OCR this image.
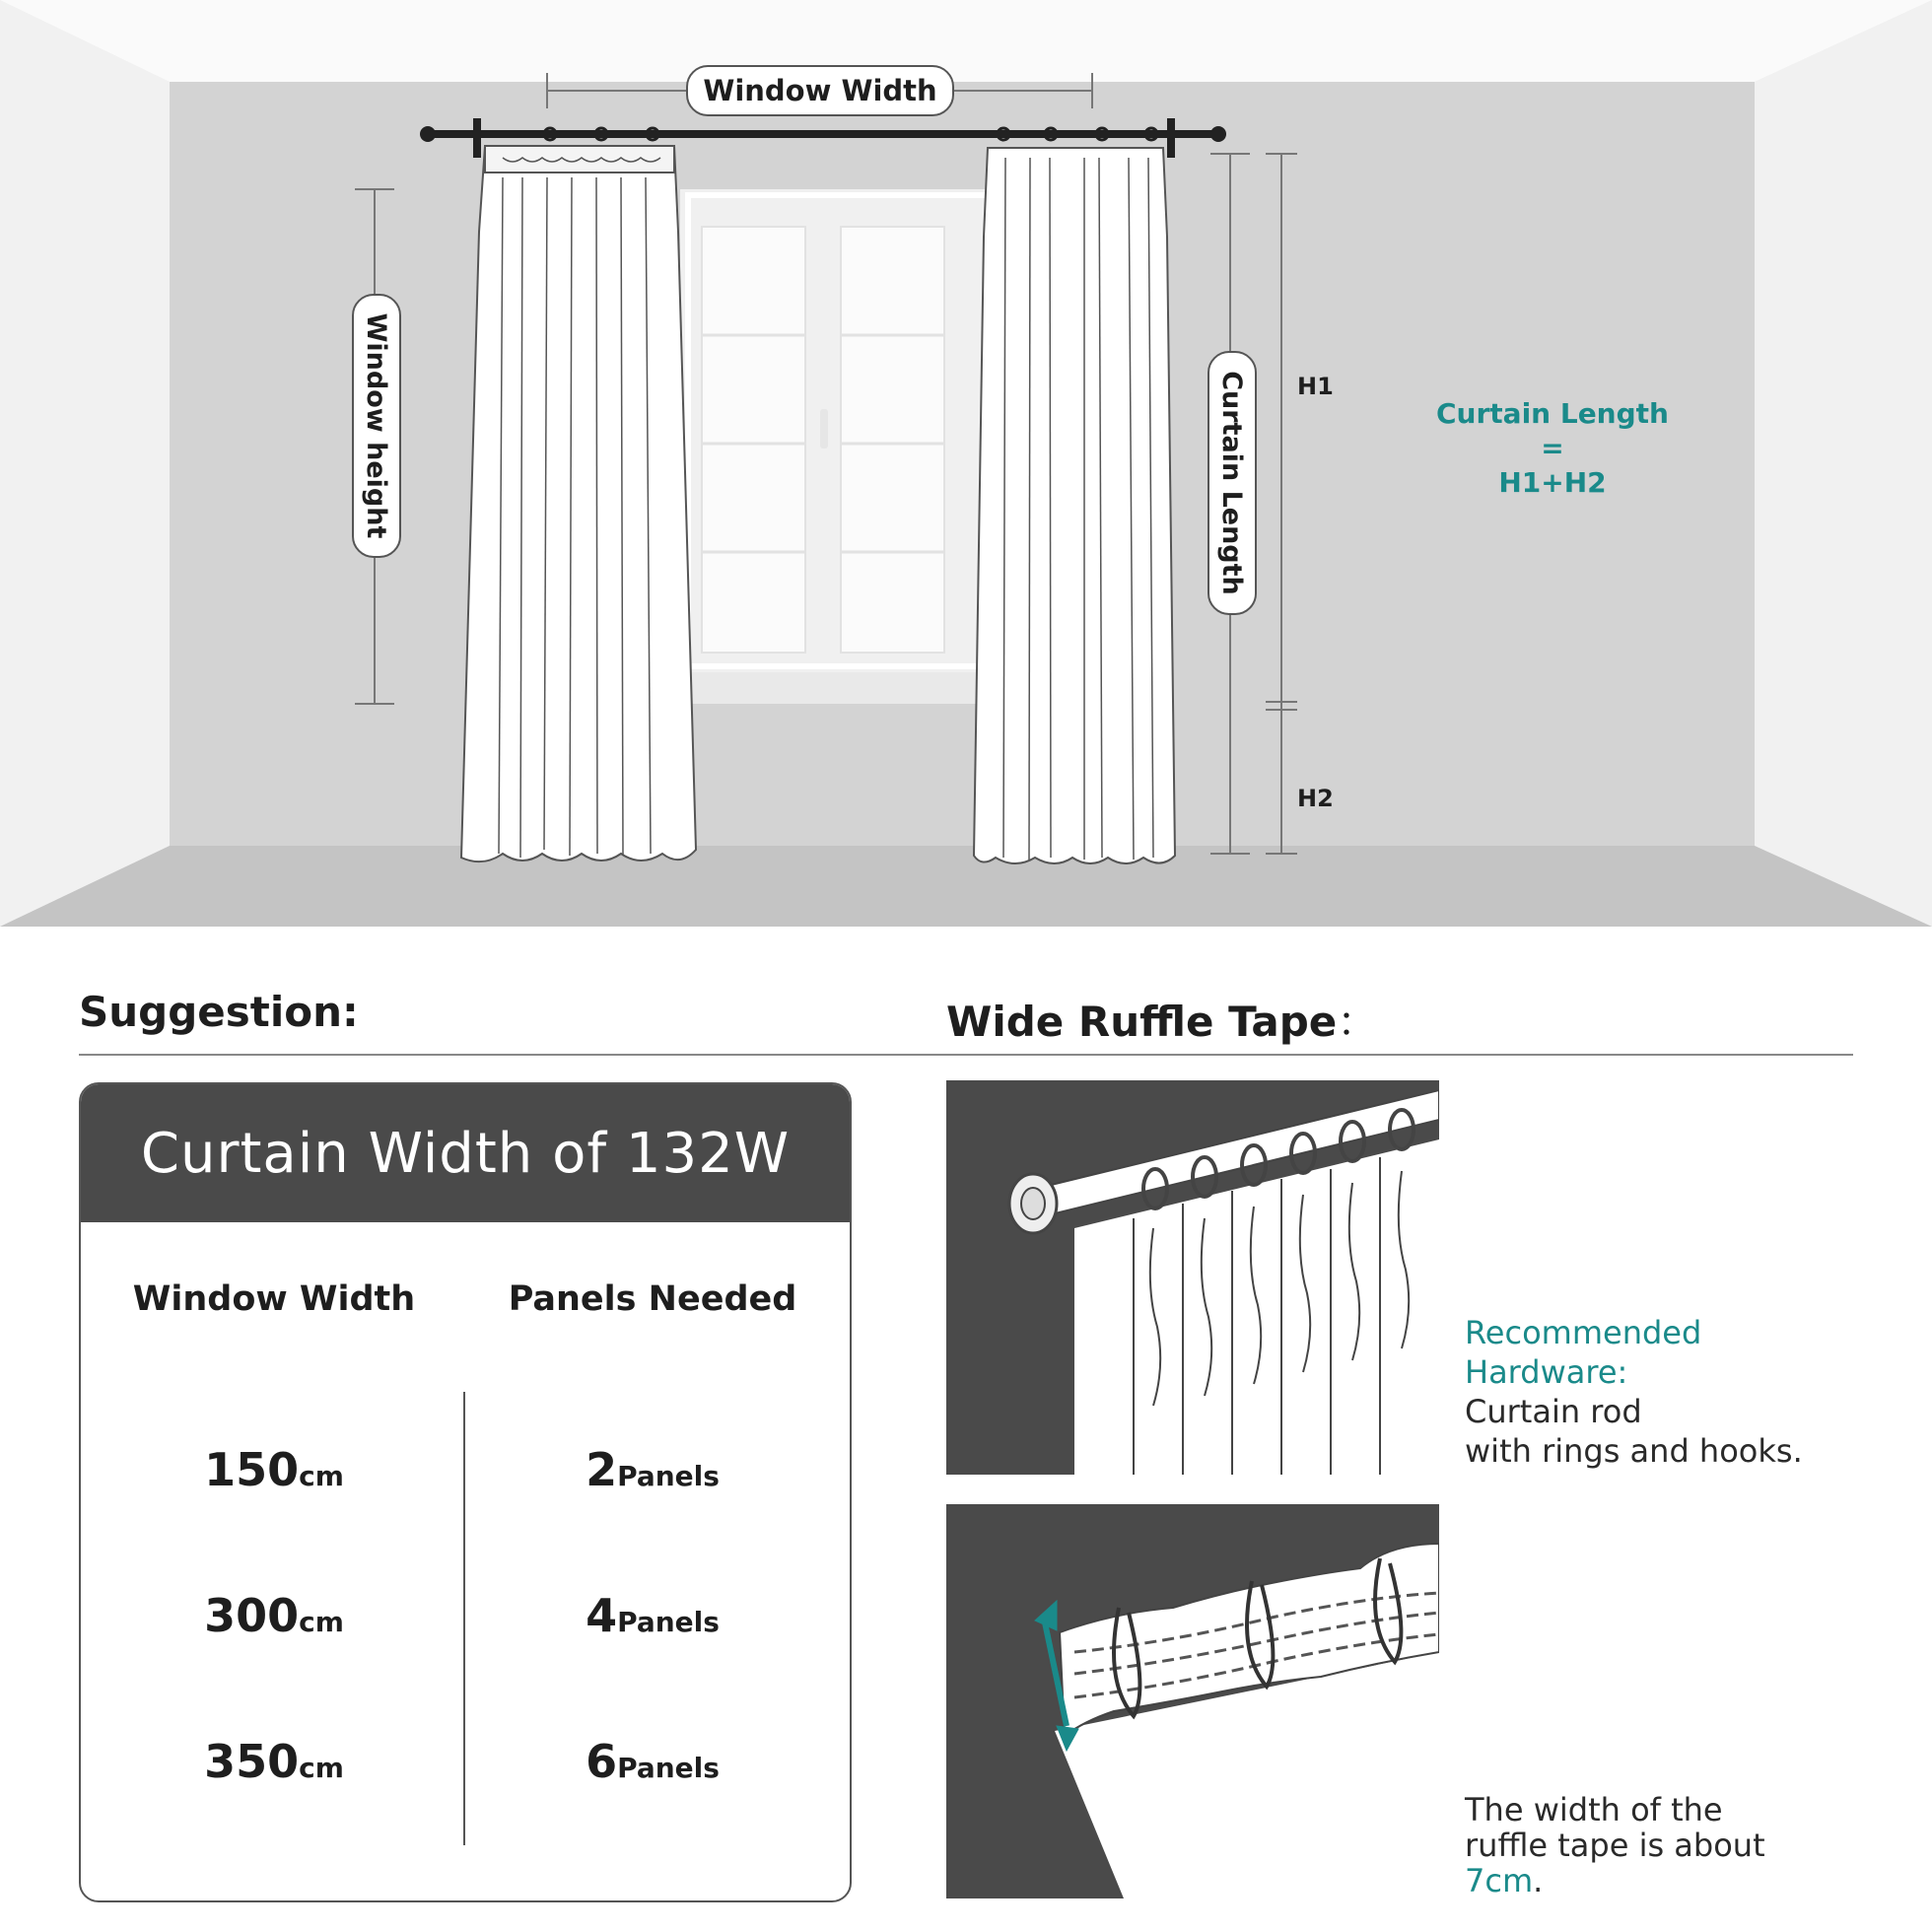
Window Width
Window height	Curtain Length	H1
H2
Curtain Length
=
H1+H2
Suggestion:
Curtain Width of 132W
Window Width	Panels Needed
150cm	2Panels
300cm	4Panels
350cm	6Panels
Wide Ruffle Tape：
Recommended
Hardware:
Curtain rod
with rings and hooks.
The width of the
ruffle tape is about
7cm.
